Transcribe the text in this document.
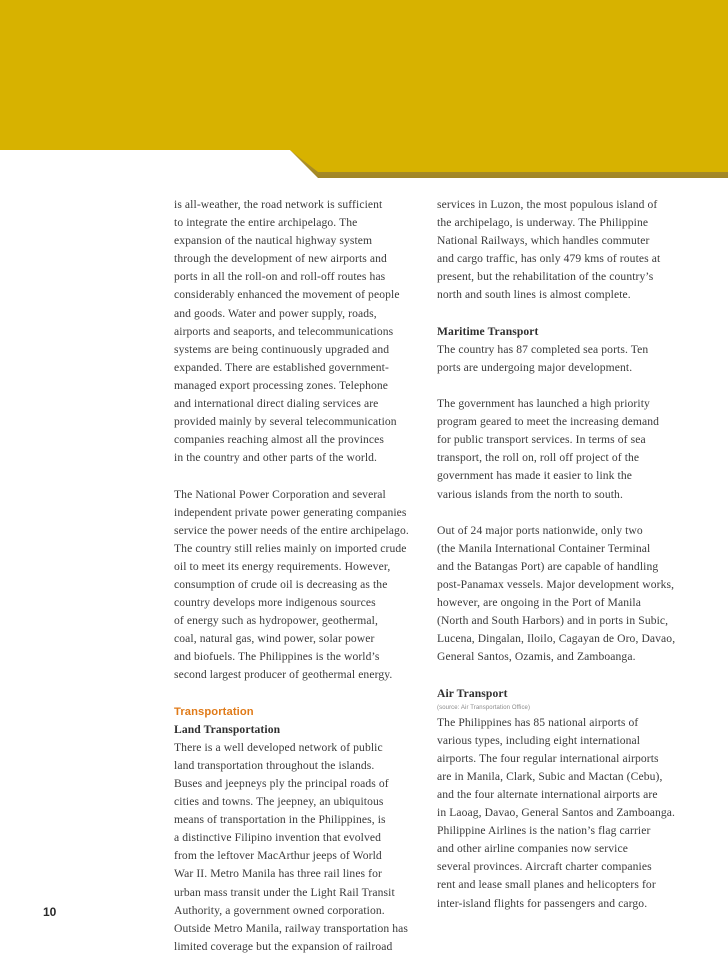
is all-weather, the road network is sufficient

to integrate the entire archipelago. The

expansion of the nautical highway system

through the development of new airports and

ports in all the roll-on and roll-off routes has

considerably enhanced the movement of people

and goods. Water and power supply, roads,

airports and seaports, and telecommunications

systems are being continuously upgraded and

expanded. There are established government-

managed export processing zones. Telephone

and international direct dialing services are

provided mainly by several telecommunication

companies reaching almost all the provinces

in the country and other parts of the world.

The National Power Corporation and several

independent private power generating companies

service the power needs of the entire archipelago.

The country still relies mainly on imported crude

oil to meet its energy requirements. However,

consumption of crude oil is decreasing as the

country develops more indigenous sources

of energy such as hydropower, geothermal,

coal, natural gas, wind power, solar power

and biofuels. The Philippines is the world’s

second largest producer of geothermal energy.

Transportation

Land Transportation

There is a well developed network of public

land transportation throughout the islands.

Buses and jeepneys ply the principal roads of

cities and towns. The jeepney, an ubiquitous

means of transportation in the Philippines, is

a distinctive Filipino invention that evolved

from the leftover MacArthur jeeps of World

War II. Metro Manila has three rail lines for

urban mass transit under the Light Rail Transit

Authority, a government owned corporation.

Outside Metro Manila, railway transportation has

limited coverage but the expansion of railroad

services in Luzon, the most populous island of

the archipelago, is underway. The Philippine

National Railways, which handles commuter

and cargo traffic, has only 479 kms of routes at

present, but the rehabilitation of the country’s

north and south lines is almost complete.

Maritime Transport

The country has 87 completed sea ports. Ten

ports are undergoing major development.

The government has launched a high priority

program geared to meet the increasing demand

for public transport services. In terms of sea

transport, the roll on, roll off project of the

government has made it easier to link the

various islands from the north to south.

Out of 24 major ports nationwide, only two

(the Manila International Container Terminal

and the Batangas Port) are capable of handling

post-Panamax vessels. Major development works,

however, are ongoing in the Port of Manila

(North and South Harbors) and in ports in Subic,

Lucena, Dingalan, Iloilo, Cagayan de Oro, Davao,

General Santos, Ozamis, and Zamboanga.

Air Transport

(source: Air Transportation Office)

The Philippines has 85 national airports of

various types, including eight international

airports. The four regular international airports

are in Manila, Clark, Subic and Mactan (Cebu),

and the four alternate international airports are

in Laoag, Davao, General Santos and Zamboanga.

Philippine Airlines is the nation’s flag carrier

and other airline companies now service

several provinces. Aircraft charter companies

rent and lease small planes and helicopters for

inter-island flights for passengers and cargo.

10
